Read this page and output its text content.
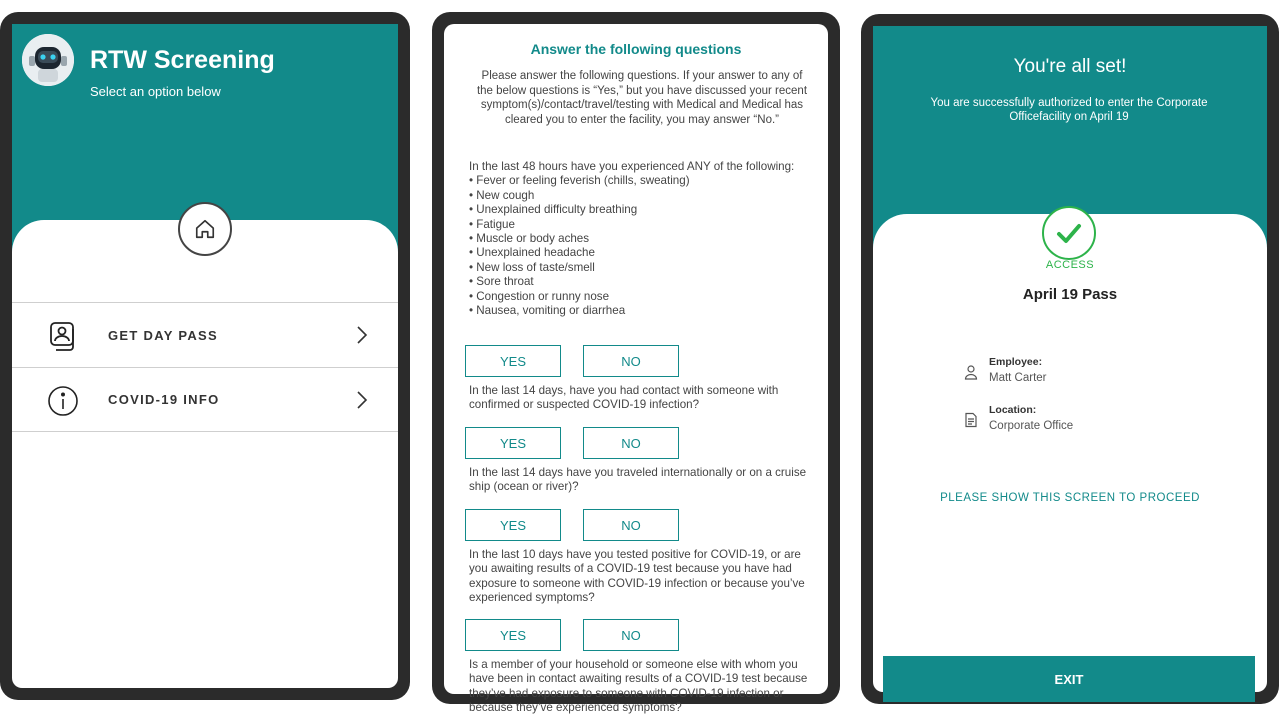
RTW Screening
Select an option below
GET DAY PASS
COVID-19 INFO
Answer the following questions
Please answer the following questions. If your answer to any of the below questions is “Yes,” but you have discussed your recent symptom(s)/contact/travel/testing with Medical and Medical has cleared you to enter the facility, you may answer “No.”
In the last 48 hours have you experienced ANY of the following:
• Fever or feeling feverish (chills, sweating)
• New cough
• Unexplained difficulty breathing
• Fatigue
• Muscle or body aches
• Unexplained headache
• New loss of taste/smell
• Sore throat
• Congestion or runny nose
• Nausea, vomiting or diarrhea
YES	NO
In the last 14 days, have you had contact with someone with confirmed or suspected COVID-19 infection?
YES	NO
In the last 14 days have you traveled internationally or on a cruise ship (ocean or river)?
YES	NO
In the last 10 days have you tested positive for COVID-19, or are you awaiting results of a COVID-19 test because you have had exposure to someone with COVID-19 infection or because you’ve experienced symptoms?
YES	NO
Is a member of your household or someone else with whom you have been in contact awaiting results of a COVID-19 test because they’ve had exposure to someone with COVID-19 infection or because they’ve experienced symptoms?
You're all set!
You are successfully authorized to enter the Corporate Officefacility on April 19
ACCESS
April 19 Pass
Employee:
Matt Carter
Location:
Corporate Office
PLEASE SHOW THIS SCREEN TO PROCEED
EXIT
